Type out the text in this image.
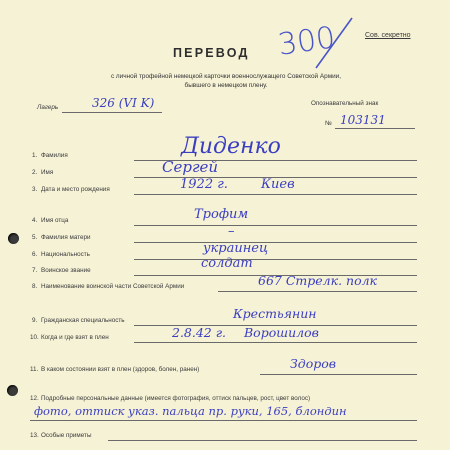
Сов. секретно
300
ПЕРЕВОД
с личной трофейной немецкой карточки военнослужащего Советской Армии,
бывшего в немецком плену.
Лагерь	326 (VI K)	Опознавательный знак
№ 103131
1. Фамилия	Диденко
2. Имя	Сергей
3. Дата и место рождения	1922 г.	Киев
4. Имя отца	Трофим
5. Фамилия матери	–
6. Национальность	украинец
7. Воинское звание	солдат
8. Наименование воинской части Советской Армии	667 Стрелк. полк
9. Гражданская специальность	Крестьянин
10. Когда и где взят в плен	2.8.42 г. Ворошилов
11. В каком состоянии взят в плен (здоров, болен, ранен)	Здоров
12. Подробные персональные данные (имеется фотография, оттиск пальцев, рост, цвет волос)
фото, оттиск указ. пальца пр. руки, 165, блондин
13. Особые приметы
